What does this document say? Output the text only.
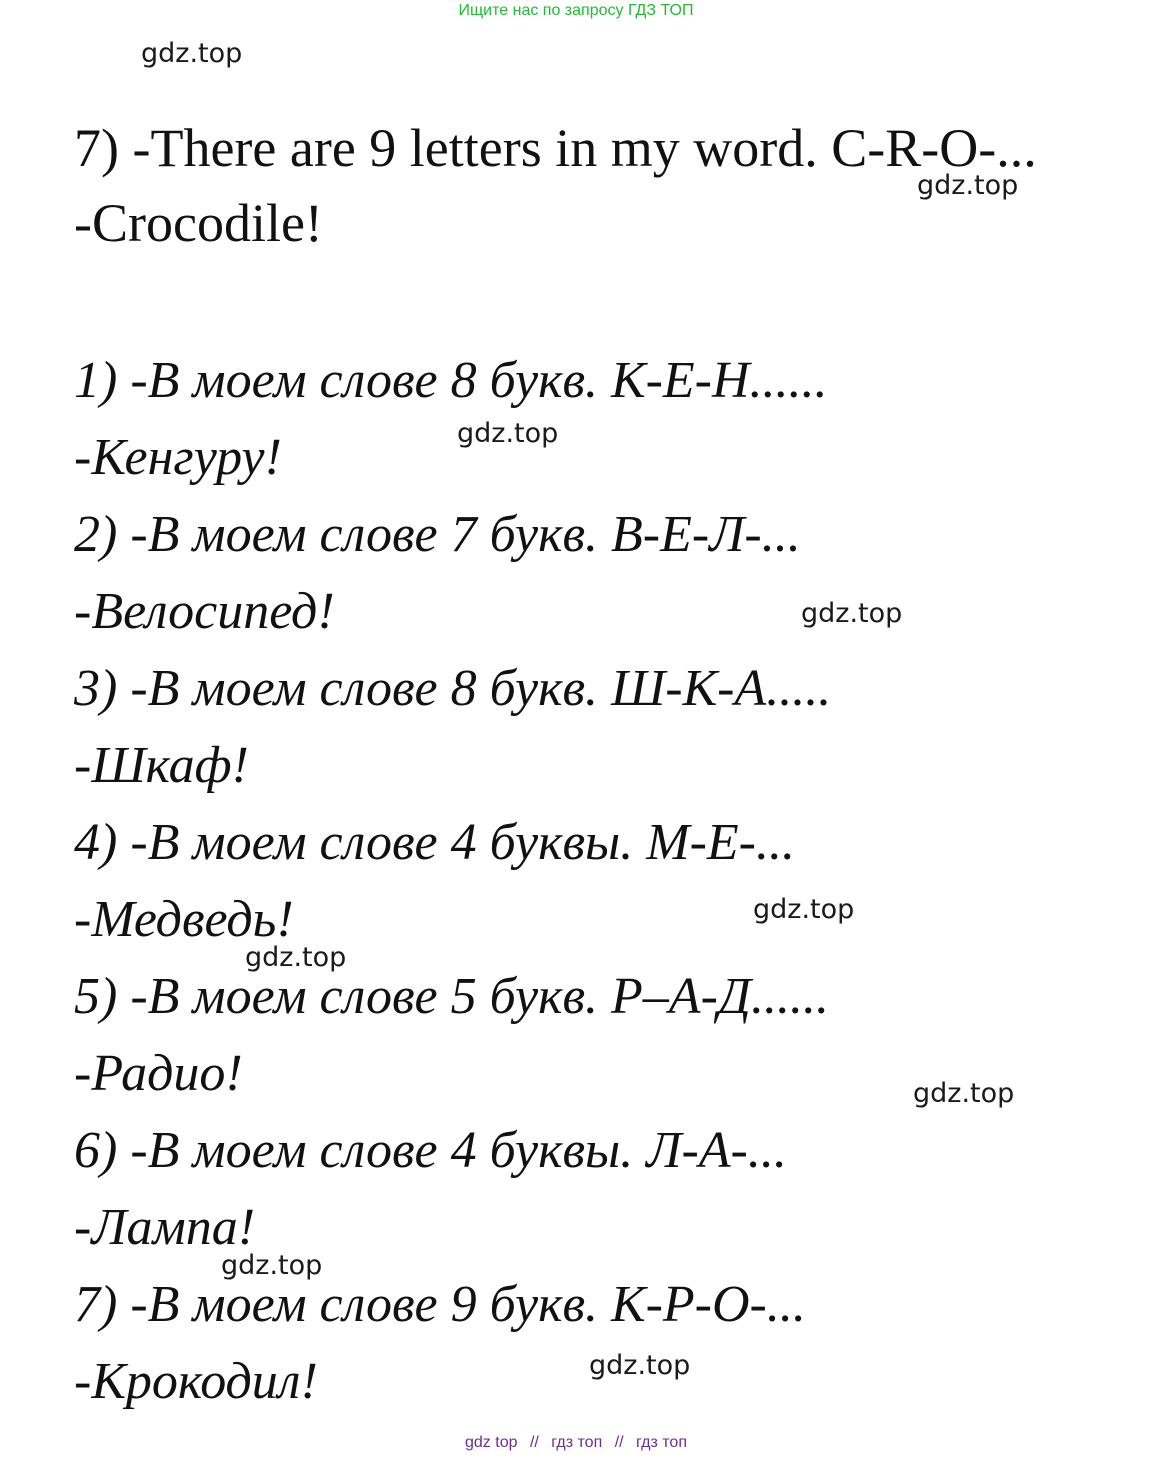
Ищите нас по запросу ГДЗ ТОП
gdz.top
gdz.top
gdz.top
gdz.top
gdz.top
gdz.top
gdz.top
gdz.top
gdz.top
7) -There are 9 letters in my word. C-R-O-...
-Crocodile!
1) -В моем слове 8 букв. К-Е-Н......
-Кенгуру!
2) -В моем слове 7 букв. В-Е-Л-...
-Велосипед!
3) -В моем слове 8 букв. Ш-К-А.....
-Шкаф!
4) -В моем слове 4 буквы. М-Е-...
-Медведь!
5) -В моем слове 5 букв. Р–А-Д......
-Радио!
6) -В моем слове 4 буквы. Л-А-...
-Лампа!
7) -В моем слове 9 букв. К-Р-О-...
-Крокодил!
gdz top // гдз топ // гдз топ
